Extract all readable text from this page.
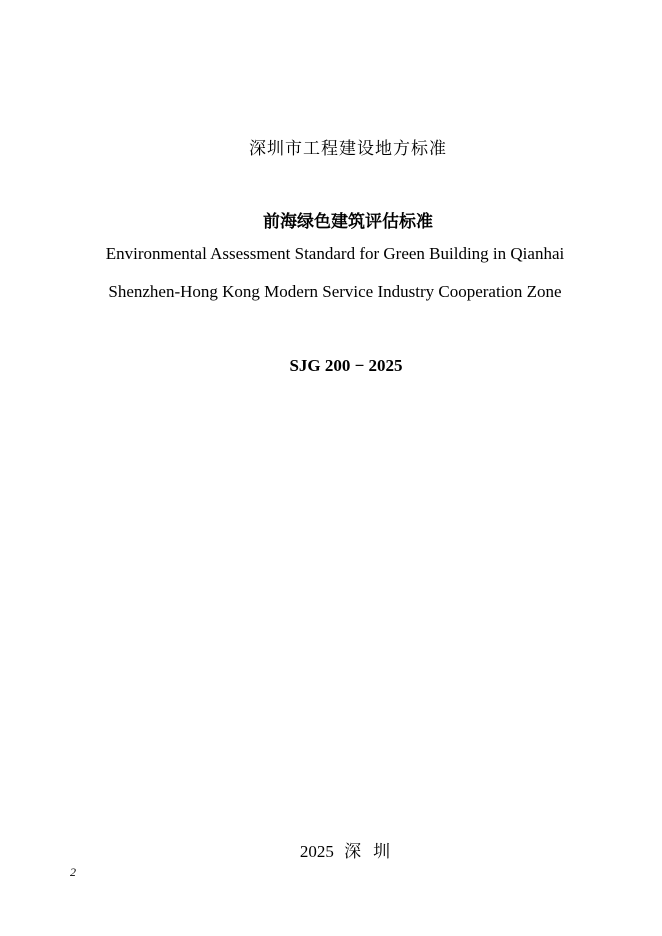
深圳市工程建设地方标准
前海绿色建筑评估标准
Environmental Assessment Standard for Green Building in Qianhai
Shenzhen-Hong Kong Modern Service Industry Cooperation Zone
SJG 200 − 2025
2025 深圳
2
